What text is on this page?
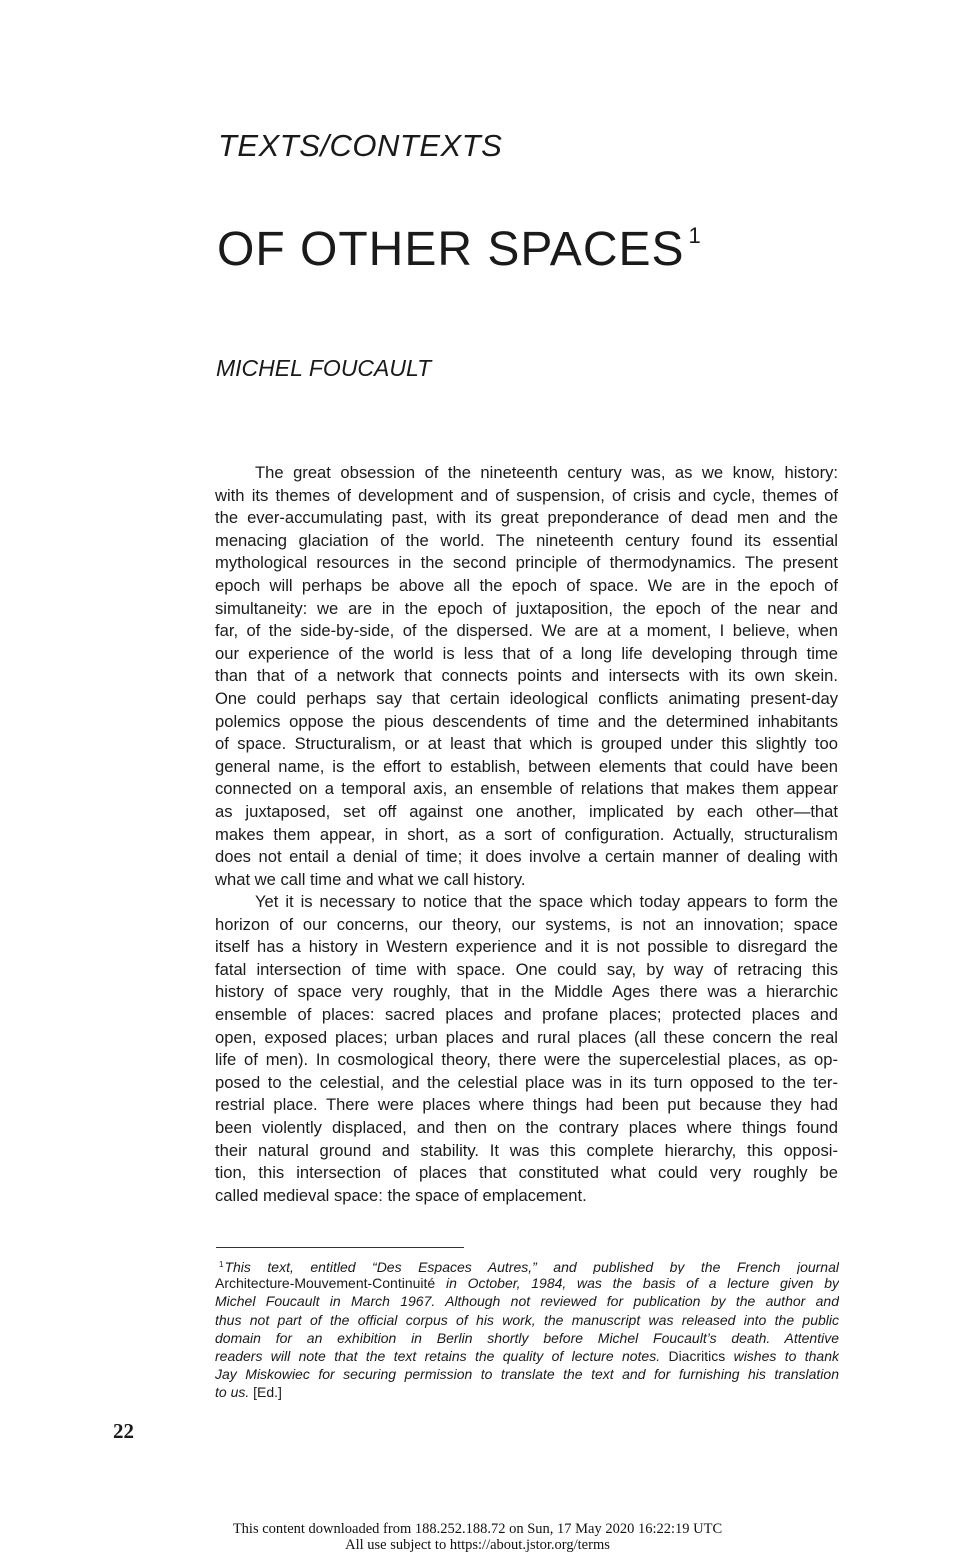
TEXTS/CONTEXTS
OF OTHER SPACES $^1$
MICHEL FOUCAULT
The great obsession of the nineteenth century was, as we know, history:
with its themes of development and of suspension, of crisis and cycle, themes of
the ever-accumulating past, with its great preponderance of dead men and the
menacing glaciation of the world. The nineteenth century found its essential
mythological resources in the second principle of thermodynamics. The present
epoch will perhaps be above all the epoch of space. We are in the epoch of
simultaneity: we are in the epoch of juxtaposition, the epoch of the near and
far, of the side-by-side, of the dispersed. We are at a moment, I believe, when
our experience of the world is less that of a long life developing through time
than that of a network that connects points and intersects with its own skein.
One could perhaps say that certain ideological conflicts animating present-day
polemics oppose the pious descendents of time and the determined inhabitants
of space. Structuralism, or at least that which is grouped under this slightly too
general name, is the effort to establish, between elements that could have been
connected on a temporal axis, an ensemble of relations that makes them appear
as juxtaposed, set off against one another, implicated by each other—that
makes them appear, in short, as a sort of configuration. Actually, structuralism
does not entail a denial of time; it does involve a certain manner of dealing with
what we call time and what we call history.
Yet it is necessary to notice that the space which today appears to form the
horizon of our concerns, our theory, our systems, is not an innovation; space
itself has a history in Western experience and it is not possible to disregard the
fatal intersection of time with space. One could say, by way of retracing this
history of space very roughly, that in the Middle Ages there was a hierarchic
ensemble of places: sacred places and profane places; protected places and
open, exposed places; urban places and rural places (all these concern the real
life of men). In cosmological theory, there were the supercelestial places, as op-
posed to the celestial, and the celestial place was in its turn opposed to the ter-
restrial place. There were places where things had been put because they had
been violently displaced, and then on the contrary places where things found
their natural ground and stability. It was this complete hierarchy, this opposi-
tion, this intersection of places that constituted what could very roughly be
called medieval space: the space of emplacement.
$^1$This text, entitled “Des Espaces Autres,” and published by the French journal
Architecture-Mouvement-Continuité in October, 1984, was the basis of a lecture given by
Michel Foucault in March 1967. Although not reviewed for publication by the author and
thus not part of the official corpus of his work, the manuscript was released into the public
domain for an exhibition in Berlin shortly before Michel Foucault’s death. Attentive
readers will note that the text retains the quality of lecture notes. Diacritics wishes to thank
Jay Miskowiec for securing permission to translate the text and for furnishing his translation
to us. [Ed.]
22
This content downloaded from 188.252.188.72 on Sun, 17 May 2020 16:22:19 UTC
All use subject to https://about.jstor.org/terms
